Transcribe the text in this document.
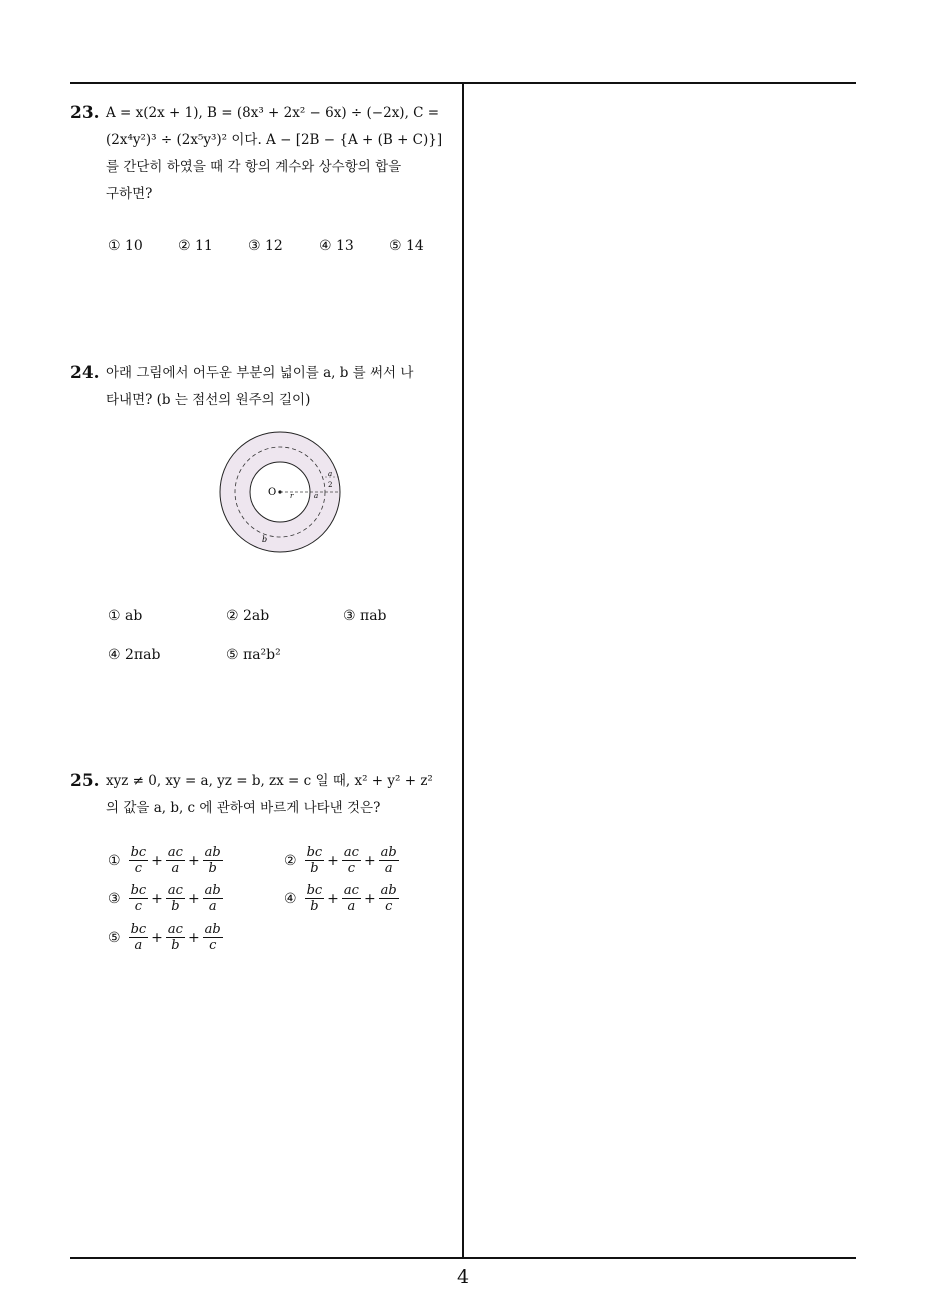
4
23. A = x(2x + 1), B = (8x³ + 2x² − 6x) ÷ (−2x), C =
(2x⁴y²)³ ÷ (2x⁵y³)² 이다. A − [2B − {A + (B + C)}]
를 간단히 하였을 때 각 항의 계수와 상수항의 합을
구하면?
① 10	② 11	③ 12	④ 13	⑤ 14
24. 아래 그림에서 어두운 부분의 넓이를 a, b 를 써서 나
타내면? (b 는 점선의 원주의 길이)
O r	a
a
2
b
① ab	② 2ab	③ πab
④ 2πab	⑤ πa²b²
25. xyz ≠ 0, xy = a, yz = b, zx = c 일 때, x² + y² + z²
의 값을 a, b, c 에 관하여 바르게 나타낸 것은?
① $\frac{bc}{c} + \frac{ac}{a} + \frac{ab}{b}$	② $\frac{bc}{b} + \frac{ac}{c} + \frac{ab}{a}$
③ $\frac{bc}{c} + \frac{ac}{b} + \frac{ab}{a}$	④ $\frac{bc}{b} + \frac{ac}{a} + \frac{ab}{c}$
⑤ $\frac{bc}{a} + \frac{ac}{b} + \frac{ab}{c}$
